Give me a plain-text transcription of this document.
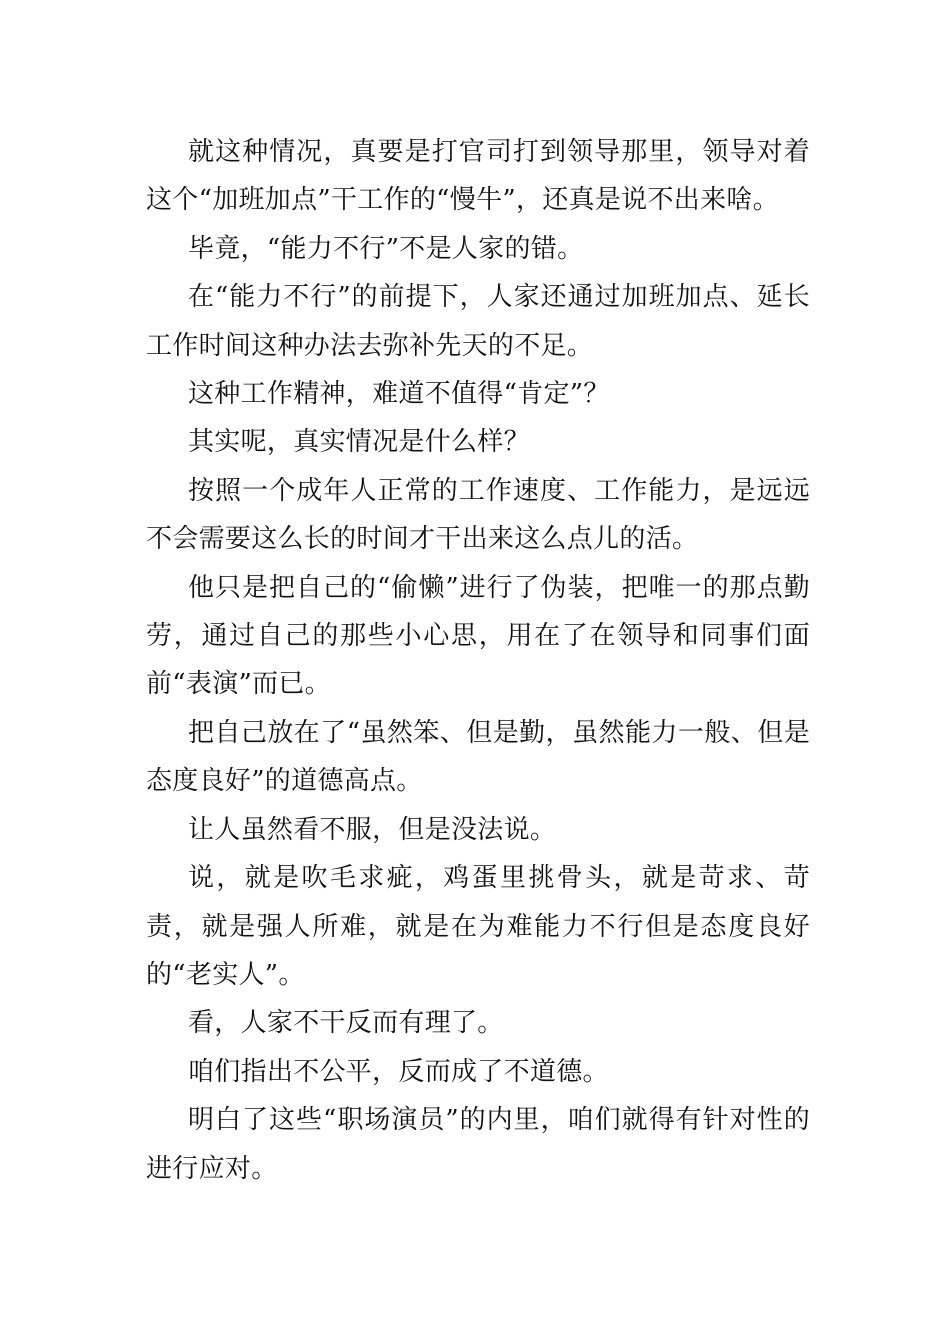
就这种情况，真要是打官司打到领导那里，领导对着这个“加班加点”干工作的“慢牛”，还真是说不出来啥。

毕竟，“能力不行”不是人家的错。

在“能力不行”的前提下，人家还通过加班加点、延长工作时间这种办法去弥补先天的不足。

这种工作精神，难道不值得“肯定”？

其实呢，真实情况是什么样？

按照一个成年人正常的工作速度、工作能力，是远远不会需要这么长的时间才干出来这么点儿的活。

他只是把自己的“偷懒”进行了伪装，把唯一的那点勤劳，通过自己的那些小心思，用在了在领导和同事们面前“表演”而已。

把自己放在了“虽然笨、但是勤，虽然能力一般、但是态度良好”的道德高点。

让人虽然看不服，但是没法说。

说，就是吹毛求疵，鸡蛋里挑骨头，就是苛求、苛责，就是强人所难，就是在为难能力不行但是态度良好的“老实人”。

看，人家不干反而有理了。

咱们指出不公平，反而成了不道德。

明白了这些“职场演员”的内里，咱们就得有针对性的进行应对。
